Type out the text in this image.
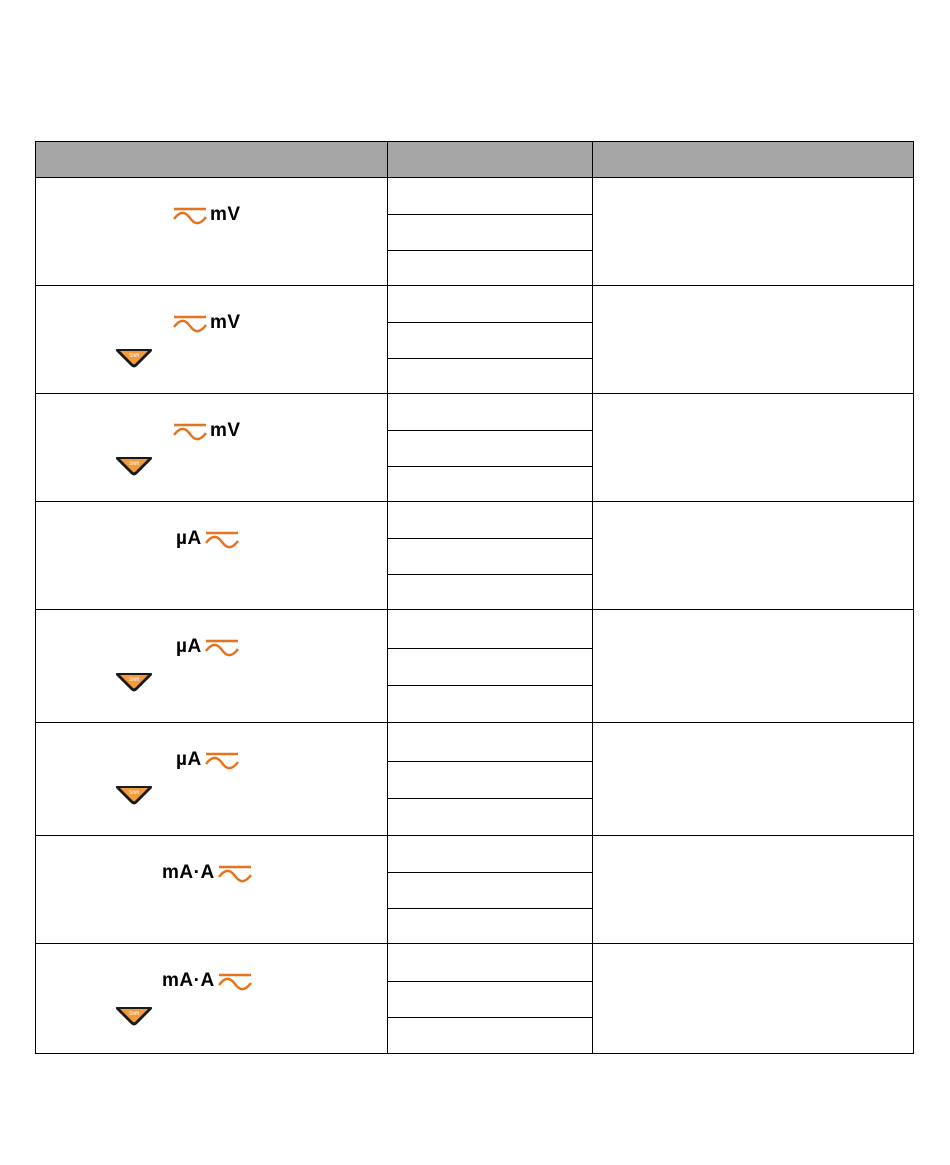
mV
mV
mV
µA
µA
µA
mA·A
mA·A
